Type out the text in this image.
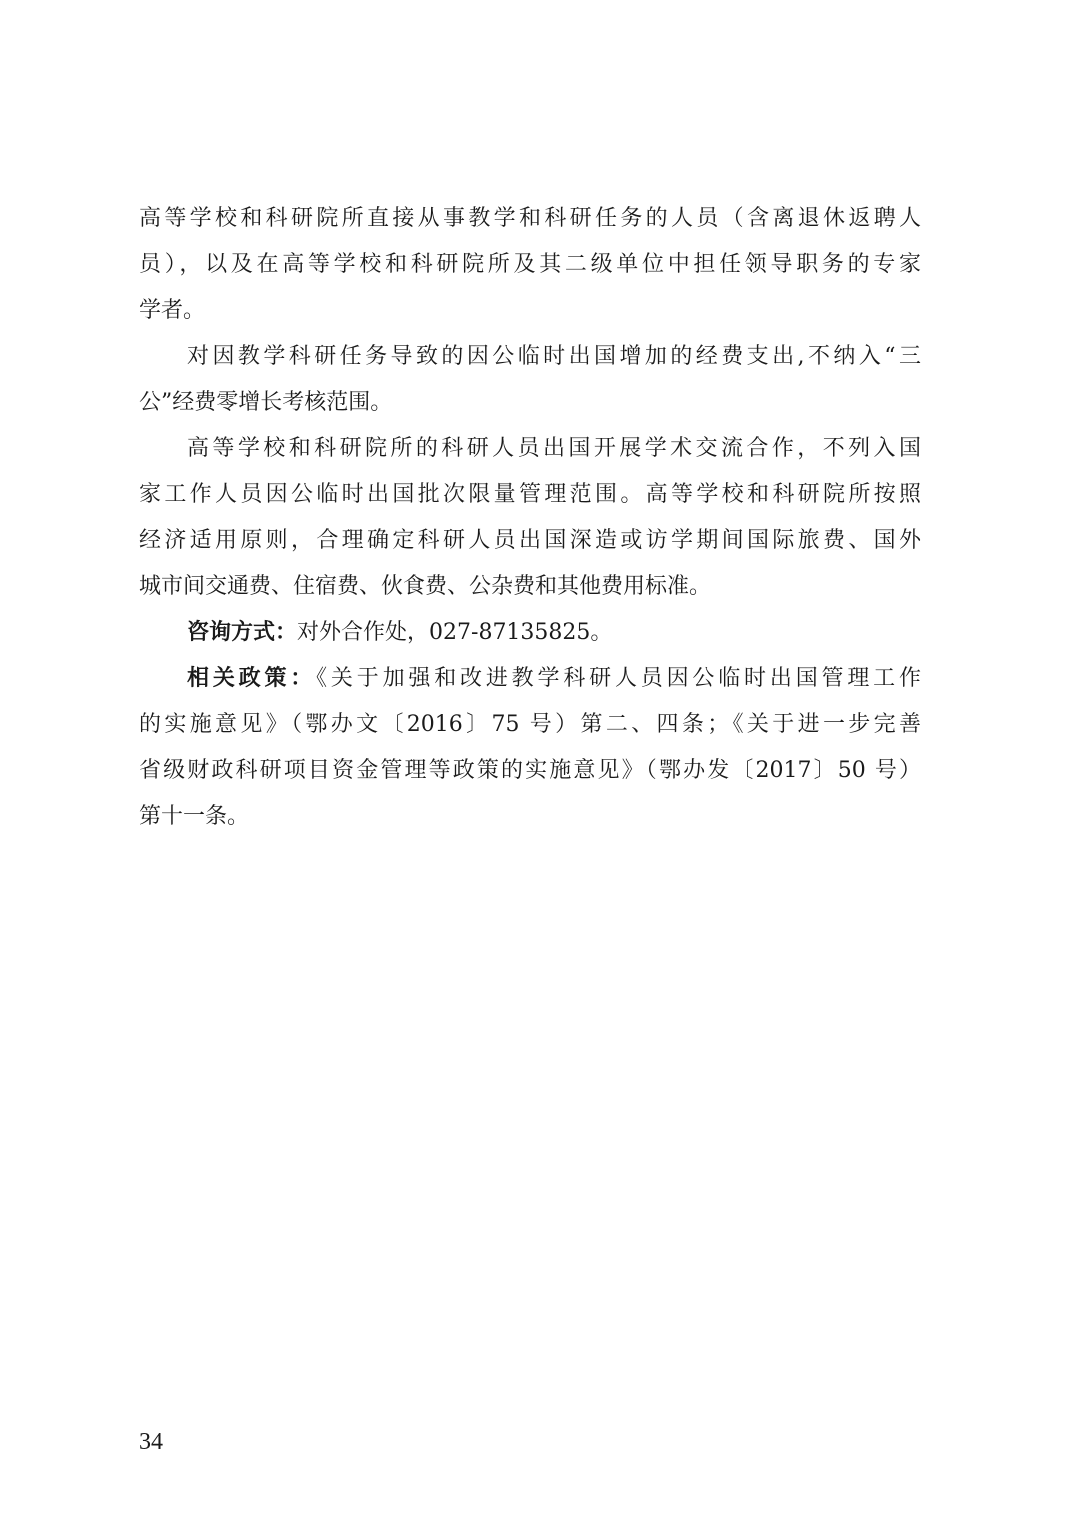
高等学校和科研院所直接从事教学和科研任务的人员（含离退休返聘人
员），以及在高等学校和科研院所及其二级单位中担任领导职务的专家
学者。
对因教学科研任务导致的因公临时出国增加的经费支出,不纳入“三
公”经费零增长考核范围。
高等学校和科研院所的科研人员出国开展学术交流合作，不列入国
家工作人员因公临时出国批次限量管理范围。高等学校和科研院所按照
经济适用原则，合理确定科研人员出国深造或访学期间国际旅费、国外
城市间交通费、住宿费、伙食费、公杂费和其他费用标准。
咨询方式：对外合作处，027-87135825。
相关政策：《关于加强和改进教学科研人员因公临时出国管理工作
的实施意见》（鄂办文〔2016〕75 号）第二、四条；《关于进一步完善
省级财政科研项目资金管理等政策的实施意见》（鄂办发〔2017〕50 号）
第十一条。
34
